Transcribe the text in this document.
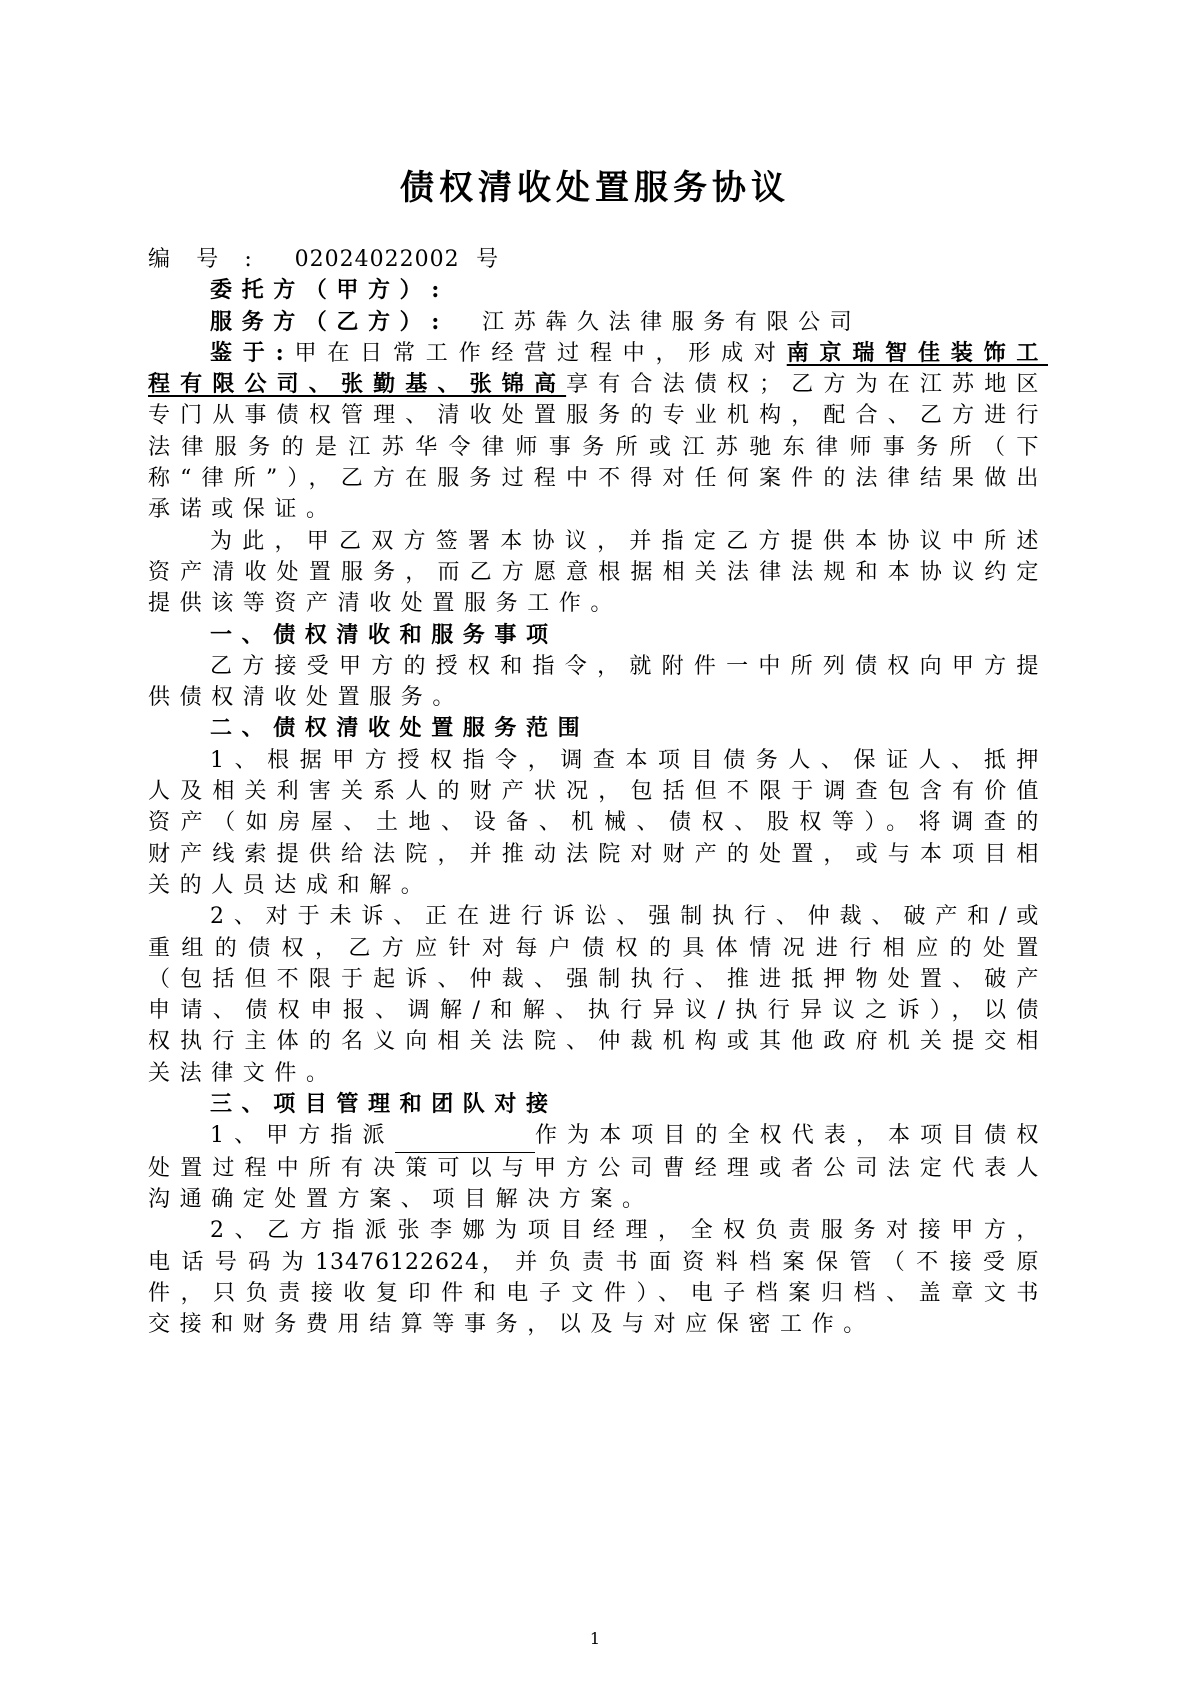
债权清收处置服务协议

编 号 : 02024022002 号

委托方（甲方）:

服务方（乙方）: 江苏犇久法律服务有限公司

鉴于:甲在日常工作经营过程中，形成对南京瑞智佳装饰工程有限公司、张勤基、张锦高享有合法债权；乙方为在江苏地区专门从事债权管理、清收处置服务的专业机构，配合、乙方进行法律服务的是江苏华令律师事务所或江苏驰东律师事务所（下称“律所”），乙方在服务过程中不得对任何案件的法律结果做出承诺或保证。

为此，甲乙双方签署本协议，并指定乙方提供本协议中所述资产清收处置服务，而乙方愿意根据相关法律法规和本协议约定提供该等资产清收处置服务工作。

一、债权清收和服务事项

乙方接受甲方的授权和指令，就附件一中所列债权向甲方提供债权清收处置服务。

二、债权清收处置服务范围

1、根据甲方授权指令，调查本项目债务人、保证人、抵押人及相关利害关系人的财产状况，包括但不限于调查包含有价值资产（如房屋、土地、设备、机械、债权、股权等）。将调查的财产线索提供给法院，并推动法院对财产的处置，或与本项目相关的人员达成和解。

2、对于未诉、正在进行诉讼、强制执行、仲裁、破产和/或重组的债权，乙方应针对每户债权的具体情况进行相应的处置（包括但不限于起诉、仲裁、强制执行、推进抵押物处置、破产申请、债权申报、调解/和解、执行异议/执行异议之诉），以债权执行主体的名义向相关法院、仲裁机构或其他政府机关提交相关法律文件。

三、项目管理和团队对接

1、甲方指派	作为本项目的全权代表，本项目债权处置过程中所有决策可以与甲方公司曹经理或者公司法定代表人沟通确定处置方案、项目解决方案。

2、乙方指派张李娜为项目经理，全权负责服务对接甲方，电话号码为13476122624，并负责书面资料档案保管（不接受原件，只负责接收复印件和电子文件）、电子档案归档、盖章文书交接和财务费用结算等事务，以及与对应保密工作。

1
